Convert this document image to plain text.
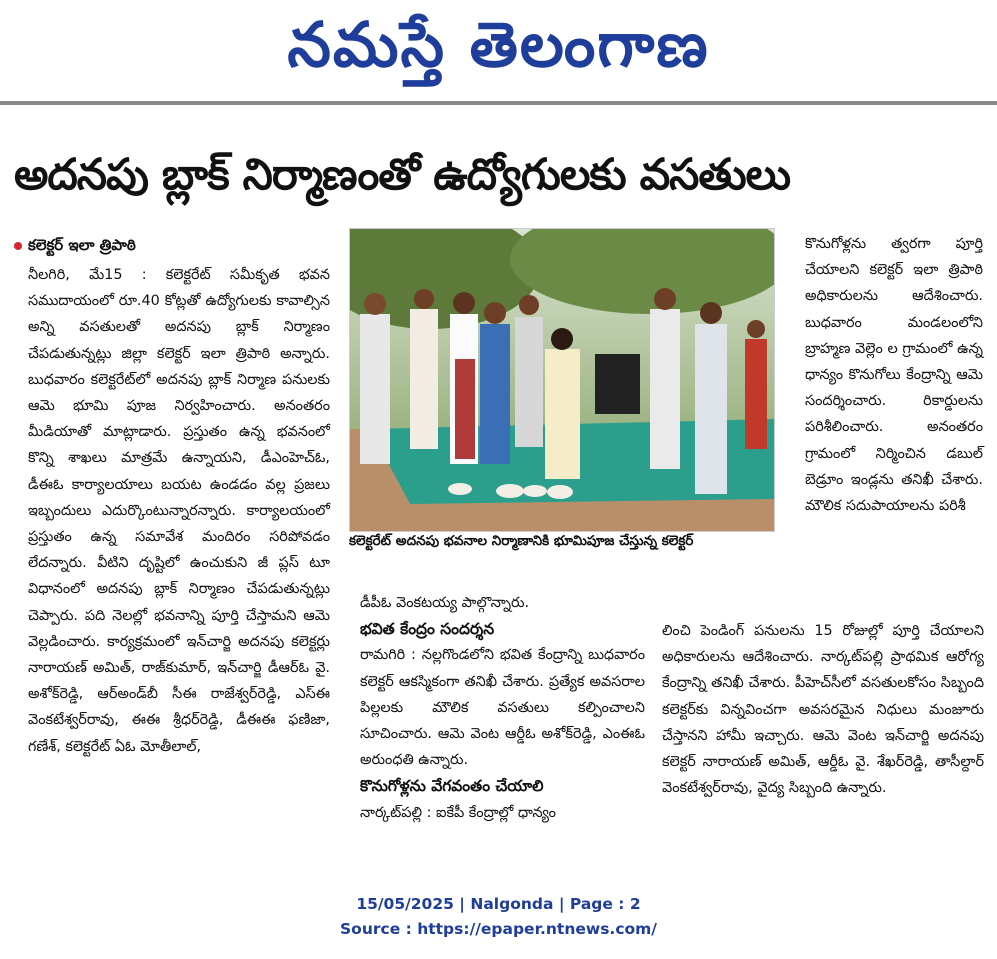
నమస్తే తెలంగాణ
అదనపు బ్లాక్ నిర్మాణంతో ఉద్యోగులకు వసతులు
కలెక్టర్ ఇలా త్రిపాఠి

నీలగిరి, మే15 : కలెక్టరేట్ సమీకృత భవన సముదాయంలో రూ.40 కోట్లతో ఉద్యోగులకు కావాల్సిన అన్ని వసతులతో అదనపు బ్లాక్ నిర్మాణం చేపడుతున్నట్లు జిల్లా కలెక్టర్ ఇలా త్రిపాఠి అన్నారు. బుధవారం కలెక్టరేట్‌లో అదనపు బ్లాక్ నిర్మాణ పనులకు ఆమె భూమి పూజ నిర్వహించారు. అనంతరం మీడియాతో మాట్లాడారు. ప్రస్తుతం ఉన్న భవనంలో కొన్ని శాఖలు మాత్రమే ఉన్నాయని, డీఎంహెచ్ఓ, డీఈఓ కార్యాలయాలు బయట ఉండడం వల్ల ప్రజలు ఇబ్బందులు ఎదుర్కొంటున్నారన్నారు. కార్యాలయంలో ప్రస్తుతం ఉన్న సమావేశ మందిరం సరిపోవడం లేదన్నారు. వీటిని దృష్టిలో ఉంచుకుని జీ ప్లస్ టూ విధానంలో అదనపు బ్లాక్ నిర్మాణం చేపడుతున్నట్లు చెప్పారు. పది నెలల్లో భవనాన్ని పూర్తి చేస్తామని ఆమె వెల్లడించారు. కార్యక్రమంలో ఇన్‌చార్జి అదనపు కలెక్టర్లు నారాయణ్ అమిత్, రాజ్‌కుమార్, ఇన్‌చార్జి డీఆర్ఓ వై. అశోక్‌రెడ్డి, ఆర్అండ్‌బీ సీఈ రాజేశ్వర్‌రెడ్డి, ఎస్ఈ వెంకటేశ్వర్‌రావు, ఈఈ శ్రీధర్‌రెడ్డి, డీఈఈ ఫణిజా, గణేశ్, కలెక్టరేట్ ఏఓ మోతీలాల్,

కలెక్టరేట్ అదనపు భవనాల నిర్మాణానికి భూమిపూజ చేస్తున్న కలెక్టర్

డీపీఓ వెంకటయ్య పాల్గొన్నారు.

భవిత కేంద్రం సందర్శన

రామగిరి : నల్లగొండలోని భవిత కేంద్రాన్ని బుధవారం కలెక్టర్ ఆకస్మికంగా తనిఖీ చేశారు. ప్రత్యేక అవసరాల పిల్లలకు మౌలిక వసతులు కల్పించాలని సూచించారు. ఆమె వెంట ఆర్డీఓ అశోక్‌రెడ్డి, ఎంఈఓ అరుంధతి ఉన్నారు.

కొనుగోళ్లను వేగవంతం చేయాలి

నార్కట్‌పల్లి : ఐకేపీ కేంద్రాల్లో ధాన్యం

కొనుగోళ్లను త్వరగా పూర్తి చేయాలని కలెక్టర్ ఇలా త్రిపాఠి అధికారులను ఆదేశించారు. బుధవారం మండలంలోని బ్రాహ్మణ వెల్లెం ల గ్రామంలో ఉన్న ధాన్యం కొనుగోలు కేంద్రాన్ని ఆమె సందర్శించారు. రికార్డులను పరిశీలించారు. అనంతరం గ్రామంలో నిర్మించిన డబుల్ బెడ్రూం ఇండ్లను తనిఖీ చేశారు. మౌలిక సదుపాయాలను పరిశీ

లించి పెండింగ్ పనులను 15 రోజుల్లో పూర్తి చేయాలని అధికారులను ఆదేశించారు. నార్కట్‌పల్లి ప్రాథమిక ఆరోగ్య కేంద్రాన్ని తనిఖీ చేశారు. పీహెచ్‌సీలో వసతులకోసం సిబ్బంది కలెక్టర్‌కు విన్నవించగా అవసరమైన నిధులు మంజూరు చేస్తానని హామీ ఇచ్చారు. ఆమె వెంట ఇన్‌చార్జి అదనపు కలెక్టర్ నారాయణ్ అమిత్, ఆర్డీఓ వై. శేఖర్‌రెడ్డి, తాసీల్దార్ వెంకటేశ్వర్‌రావు, వైద్య సిబ్బంది ఉన్నారు.

15/05/2025 | Nalgonda | Page : 2
Source : https://epaper.ntnews.com/
